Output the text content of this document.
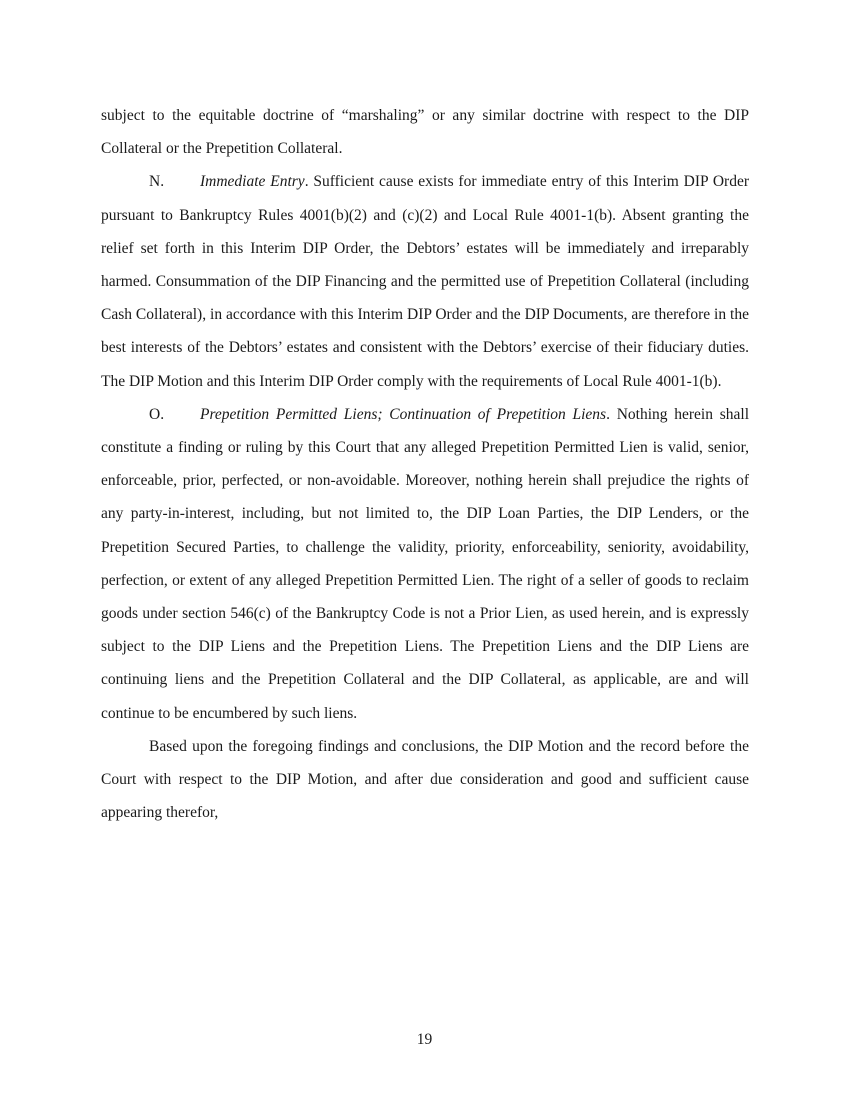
subject to the equitable doctrine of “marshaling” or any similar doctrine with respect to the DIP Collateral or the Prepetition Collateral.

N. Immediate Entry. Sufficient cause exists for immediate entry of this Interim DIP Order pursuant to Bankruptcy Rules 4001(b)(2) and (c)(2) and Local Rule 4001-1(b). Absent granting the relief set forth in this Interim DIP Order, the Debtors’ estates will be immediately and irreparably harmed. Consummation of the DIP Financing and the permitted use of Prepetition Collateral (including Cash Collateral), in accordance with this Interim DIP Order and the DIP Documents, are therefore in the best interests of the Debtors’ estates and consistent with the Debtors’ exercise of their fiduciary duties. The DIP Motion and this Interim DIP Order comply with the requirements of Local Rule 4001-1(b).

O. Prepetition Permitted Liens; Continuation of Prepetition Liens. Nothing herein shall constitute a finding or ruling by this Court that any alleged Prepetition Permitted Lien is valid, senior, enforceable, prior, perfected, or non-avoidable. Moreover, nothing herein shall prejudice the rights of any party-in-interest, including, but not limited to, the DIP Loan Parties, the DIP Lenders, or the Prepetition Secured Parties, to challenge the validity, priority, enforceability, seniority, avoidability, perfection, or extent of any alleged Prepetition Permitted Lien. The right of a seller of goods to reclaim goods under section 546(c) of the Bankruptcy Code is not a Prior Lien, as used herein, and is expressly subject to the DIP Liens and the Prepetition Liens. The Prepetition Liens and the DIP Liens are continuing liens and the Prepetition Collateral and the DIP Collateral, as applicable, are and will continue to be encumbered by such liens.

Based upon the foregoing findings and conclusions, the DIP Motion and the record before the Court with respect to the DIP Motion, and after due consideration and good and sufficient cause appearing therefor,

19
